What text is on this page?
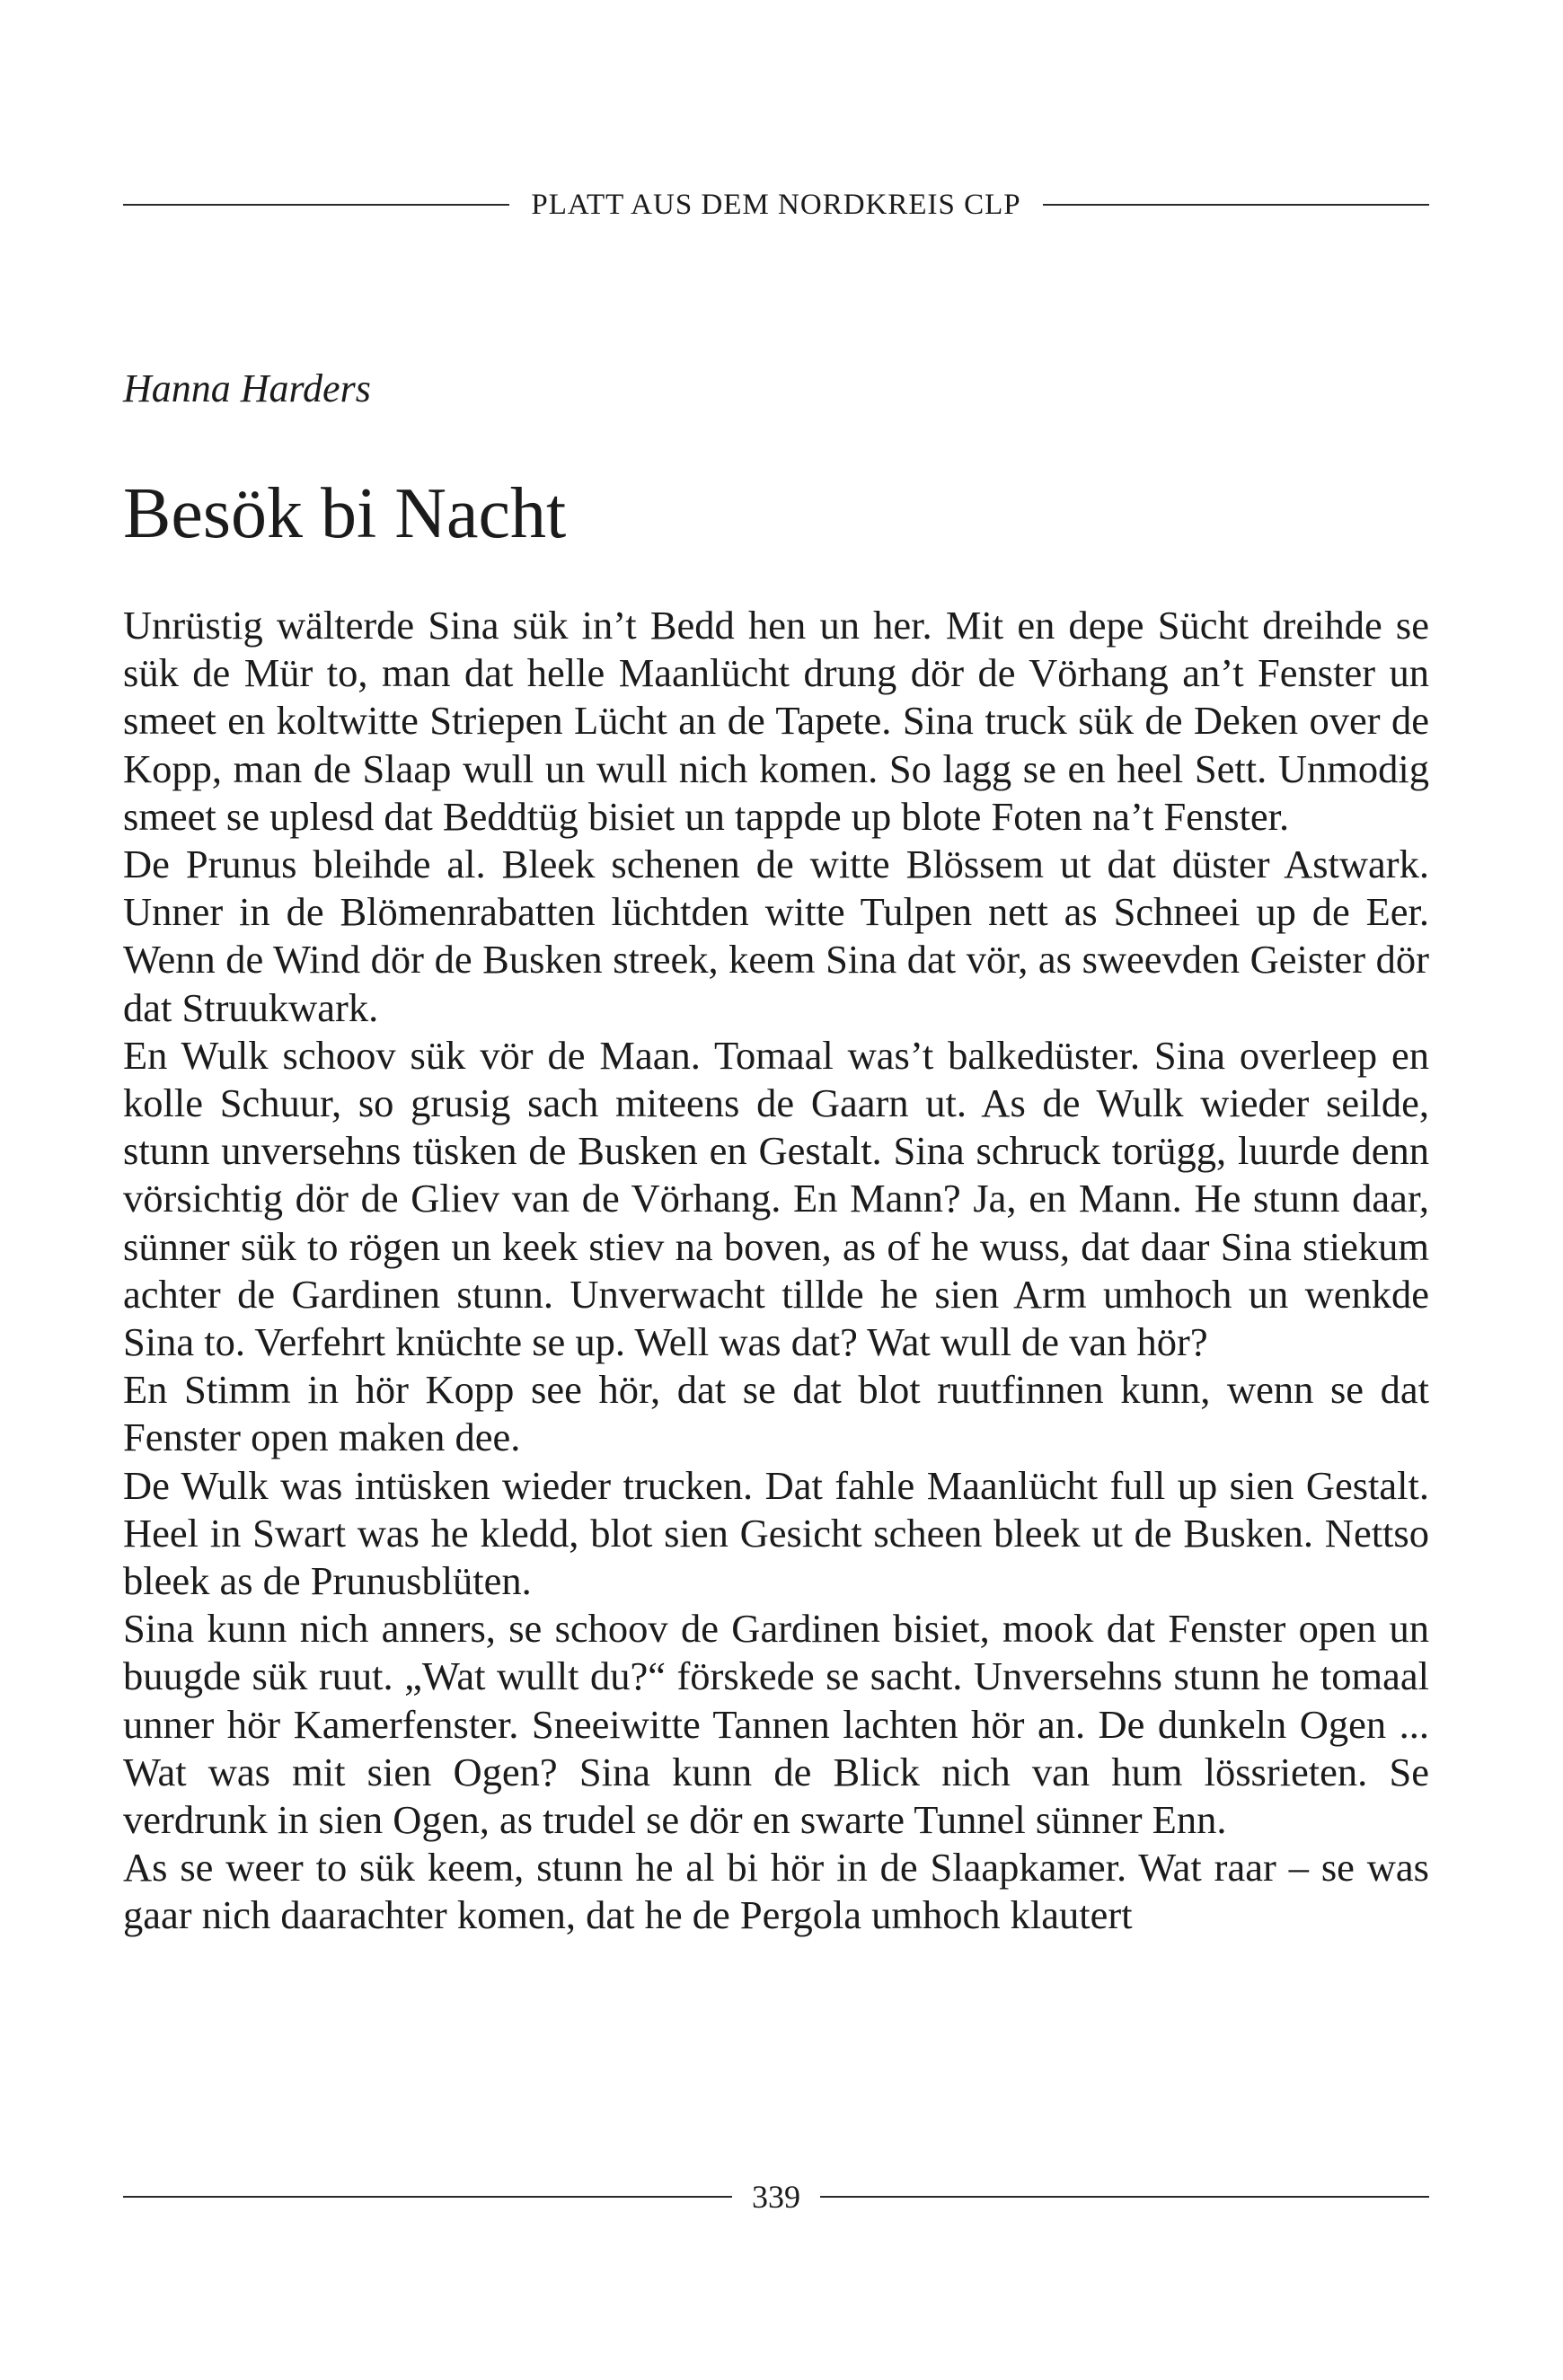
PLATT AUS DEM NORDKREIS CLP
Hanna Harders
Besök bi Nacht

Unrüstig wälterde Sina sük in’t Bedd hen un her. Mit en depe Sücht dreihde se sük de Mür to, man dat helle Maanlücht drung dör de Vörhang an’t Fenster un smeet en koltwitte Striepen Lücht an de Tapete. Sina truck sük de Deken over de Kopp, man de Slaap wull un wull nich komen. So lagg se en heel Sett. Unmodig smeet se uplesd dat Beddtüg bisiet un tappde up blote Foten na’t Fenster.

De Prunus bleihde al. Bleek schenen de witte Blössem ut dat düster Astwark. Unner in de Blömenrabatten lüchtden witte Tulpen nett as Schneei up de Eer. Wenn de Wind dör de Busken streek, keem Sina dat vör, as sweevden Geister dör dat Struukwark.

En Wulk schoov sük vör de Maan. Tomaal was’t balkedüster. Sina overleep en kolle Schuur, so grusig sach miteens de Gaarn ut. As de Wulk wieder seilde, stunn unversehns tüsken de Busken en Gestalt. Sina schruck torügg, luurde denn vörsichtig dör de Gliev van de Vörhang. En Mann? Ja, en Mann. He stunn daar, sünner sük to rögen un keek stiev na boven, as of he wuss, dat daar Sina stiekum achter de Gardinen stunn. Unverwacht tillde he sien Arm umhoch un wenkde Sina to. Verfehrt knüchte se up. Well was dat? Wat wull de van hör?

En Stimm in hör Kopp see hör, dat se dat blot ruutfinnen kunn, wenn se dat Fenster open maken dee.

De Wulk was intüsken wieder trucken. Dat fahle Maanlücht full up sien Gestalt. Heel in Swart was he kledd, blot sien Gesicht scheen bleek ut de Busken. Nettso bleek as de Prunusblüten.

Sina kunn nich anners, se schoov de Gardinen bisiet, mook dat Fenster open un buugde sük ruut. „Wat wullt du?“ förskede se sacht. Unversehns stunn he tomaal unner hör Kamerfenster. Sneeiwitte Tannen lachten hör an. De dunkeln Ogen ... Wat was mit sien Ogen? Sina kunn de Blick nich van hum lössrieten. Se verdrunk in sien Ogen, as trudel se dör en swarte Tunnel sünner Enn.

As se weer to sük keem, stunn he al bi hör in de Slaapkamer. Wat raar – se was gaar nich daarachter komen, dat he de Pergola umhoch klautert

339
